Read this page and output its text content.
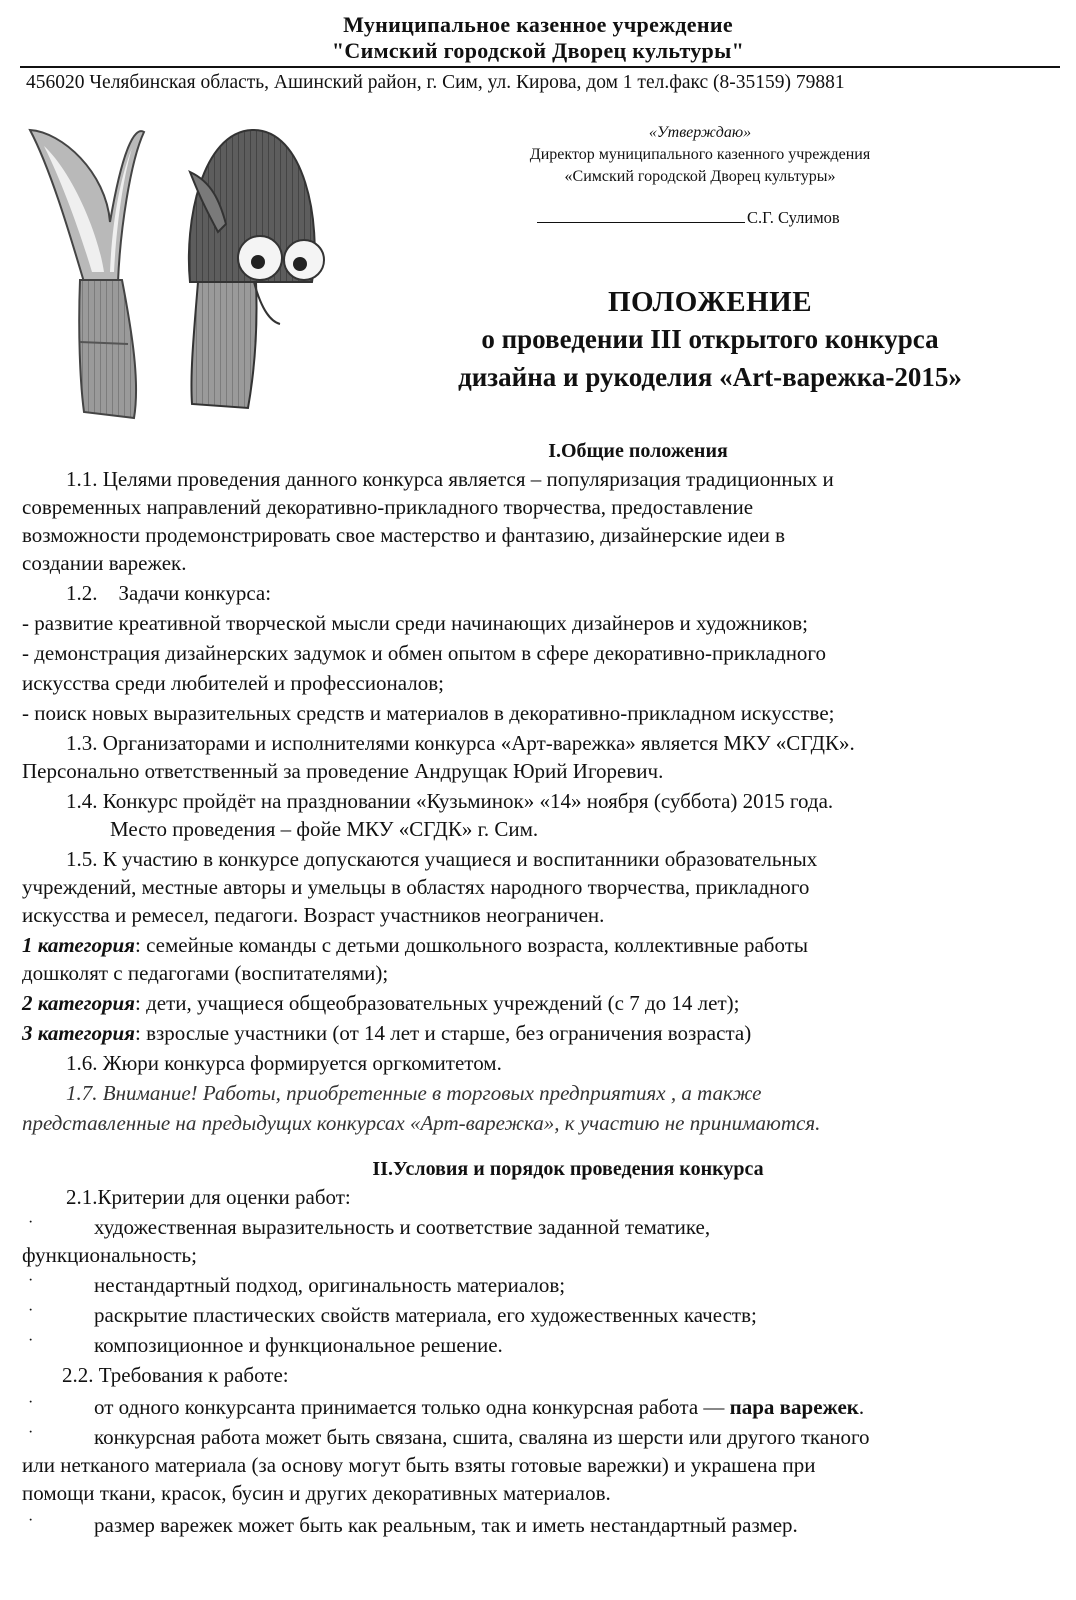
Муниципальное казенное учреждение
"Симский городской Дворец культуры"
456020 Челябинская область, Ашинский район, г. Сим, ул. Кирова, дом 1 тел.факс (8-35159) 79881
«Утверждаю»
Директор муниципального казенного учреждения
«Симский городской Дворец культуры»
С.Г. Сулимов
ПОЛОЖЕНИЕ
о проведении III открытого конкурса
дизайна и рукоделия «Art-варежка-2015»
I.Общие положения
1.1. Целями проведения данного конкурса является – популяризация традиционных и
современных направлений декоративно-прикладного творчества, предоставление
возможности продемонстрировать свое мастерство и фантазию, дизайнерские идеи в
создании варежек.
1.2.    Задачи конкурса:
- развитие креативной творческой мысли среди начинающих дизайнеров и художников;
- демонстрация дизайнерских задумок и обмен опытом в сфере декоративно-прикладного
искусства среди любителей и профессионалов;
- поиск новых выразительных средств и материалов в декоративно-прикладном искусстве;
1.3. Организаторами и исполнителями конкурса «Арт-варежка» является МКУ «СГДК».
Персонально ответственный за проведение Андрущак Юрий Игоревич.
1.4. Конкурс пройдёт на праздновании «Кузьминок» «14» ноября (суббота) 2015 года.
Место проведения – фойе МКУ «СГДК» г. Сим.
1.5. К участию в конкурсе допускаются учащиеся и воспитанники образовательных
учреждений, местные авторы и умельцы в областях народного творчества, прикладного
искусства и ремесел, педагоги. Возраст участников неограничен.
1 категория: семейные команды с детьми дошкольного возраста, коллективные работы
дошколят с педагогами (воспитателями);
2 категория: дети, учащиеся общеобразовательных учреждений (с 7 до 14 лет);
3 категория: взрослые участники (от 14 лет и старше, без ограничения возраста)
1.6. Жюри конкурса формируется оргкомитетом.
1.7. Внимание! Работы, приобретенные в торговых предприятиях , а также
представленные на предыдущих конкурсах «Арт-варежка», к участию не принимаются.
II.Условия и порядок проведения конкурса
2.1.Критерии для оценки работ:
·	художественная выразительность и соответствие заданной тематике,
функциональность;
·	нестандартный подход, оригинальность материалов;
·	раскрытие пластических свойств материала, его художественных качеств;
·	композиционное и функциональное решение.
2.2. Требования к работе:
·	от одного конкурсанта принимается только одна конкурсная работа — пара варежек.
·	конкурсная работа может быть связана, сшита, сваляна из шерсти или другого тканого
или нетканого материала (за основу могут быть взяты готовые варежки) и украшена при
помощи ткани, красок, бусин и других декоративных материалов.
·	размер варежек может быть как реальным, так и иметь нестандартный размер.
